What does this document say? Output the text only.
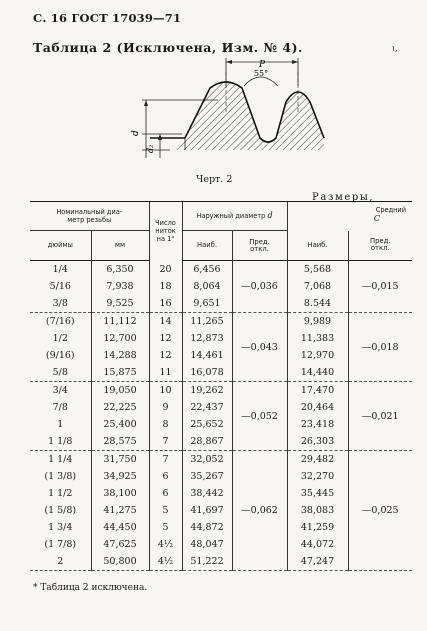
С. 16 ГОСТ 17039—71
Таблица 2 (Исключена, Изм. № 4).	ɩ,
P
55°
d
d₂
Черт. 2
Размеры,
Номинальный диа-
метр резьбы		Число
ниток
на 1"	Наружный диаметр d		Средний
С	
дюймы	мм		Наиб.	Пред.
откл.	Наиб.	Пред.
откл.
1/4	6,350	20	6,456	—0,036	5,568	—0,015
5/16	7,938	18	8,064		7,068	
3/8	9,525	16	9,651		8.544	
(7/16)	11,112	14	11,265	—0,043	9,989	—0,018
1/2	12,700	12	12,873		11,383	
(9/16)	14,288	12	14,461		12,970	
5/8	15,875	11	16,078		14,440	
3/4	19,050	10	19,262	—0,052	17,470	—0,021
7/8	22,225	9	22,437		20,464	
1	25,400	8	25,652		23,418	
1 1/8	28,575	7	28,867		26,303	
1 1/4	31,750	7	32,052	—0,062	29,482	—0,025
(1 3/8)	34,925	6	35,267		32,270	
1 1/2	38,100	6	38,442		35,445	
(1 5/8)	41,275	5	41,697		38,083	
1 3/4	44,450	5	44,872		41,259	
(1 7/8)	47,625	4½	48,047		44,072	
2	50,800	4½	51,222		47,247	
* Таблица 2 исключена.
